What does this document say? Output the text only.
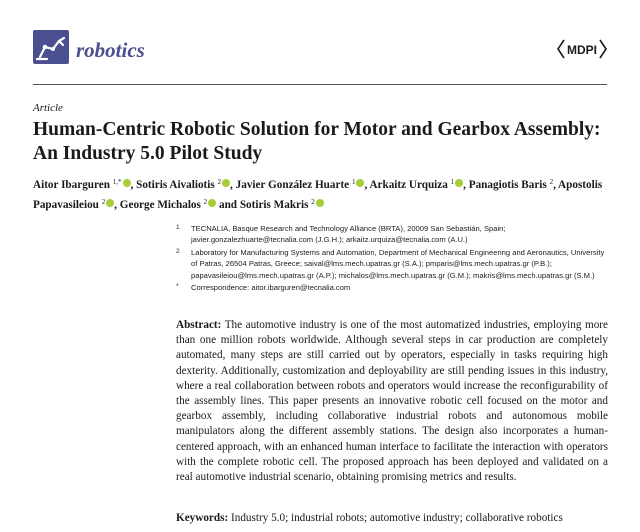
robotics	MDPI
Article
Human-Centric Robotic Solution for Motor and Gearbox Assembly: An Industry 5.0 Pilot Study
Aitor Ibarguren $^{1,*}$ , Sotiris Aivaliotis $^2$ , Javier González Huarte $^1$ , Arkaitz Urquiza $^1$ , Panagiotis Baris $^2$, Apostolis Papavasileiou $^2$ , George Michalos $^2$ and Sotiris Makris $^2$
1 TECNALIA, Basque Research and Technology Alliance (BRTA), 20009 San Sebastián, Spain; javier.gonzalezhuarte@tecnalia.com (J.G.H.); arkaitz.urquiza@tecnalia.com (A.U.)
2 Laboratory for Manufacturing Systems and Automation, Department of Mechanical Engineering and Aeronautics, University of Patras, 26504 Patras, Greece; saival@lms.mech.upatras.gr (S.A.); pmparis@lms.mech.upatras.gr (P.B.); papavasileiou@lms.mech.upatras.gr (A.P.); michalos@lms.mech.upatras.gr (G.M.); makris@lms.mech.upatras.gr (S.M.)
* Correspondence: aitor.ibarguren@tecnalia.com

Abstract: The automotive industry is one of the most automatized industries, employing more than one million robots worldwide. Although several steps in car production are completely automated, many steps are still carried out by operators, especially in tasks requiring high dexterity. Additionally, customization and deployability are still pending issues in this industry, where a real collaboration between robots and operators would increase the reconfigurability of the assembly lines. This paper presents an innovative robotic cell focused on the motor and gearbox assembly, including collaborative industrial robots and autonomous mobile manipulators along the different assembly stations. The design also incorporates a human-centered approach, with an enhanced human interface to facilitate the interaction with operators with the complete robotic cell. The proposed approach has been deployed and validated on a real automotive industrial scenario, obtaining promising metrics and results.

Keywords: Industry 5.0; industrial robots; automotive industry; collaborative robotics
